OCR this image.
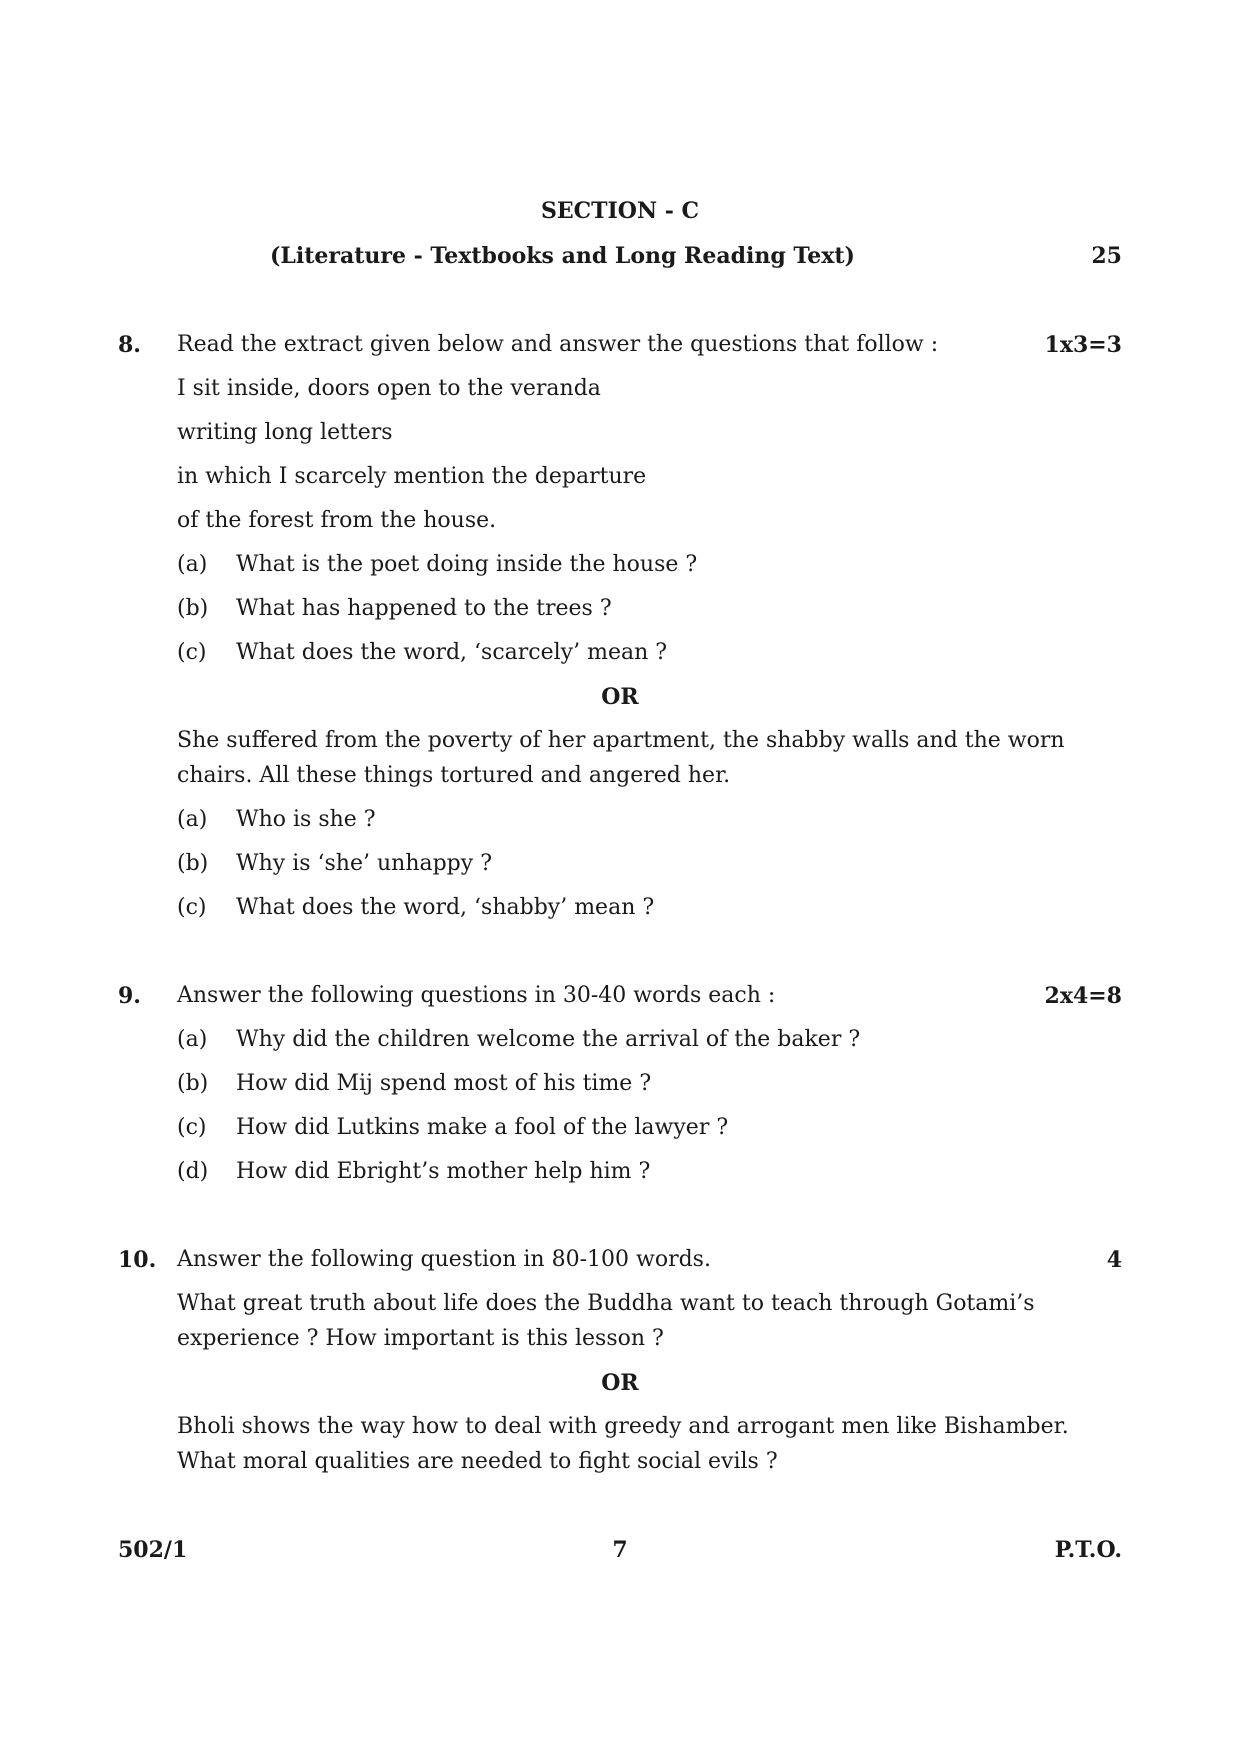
SECTION - C
(Literature - Textbooks and Long Reading Text)	25
8. Read the extract given below and answer the questions that follow :	1x3=3
I sit inside, doors open to the veranda
writing long letters
in which I scarcely mention the departure
of the forest from the house.
(a) What is the poet doing inside the house ?
(b) What has happened to the trees ?
(c) What does the word, ‘scarcely’ mean ?
OR
She suffered from the poverty of her apartment, the shabby walls and the worn
chairs. All these things tortured and angered her.
(a) Who is she ?
(b) Why is ‘she’ unhappy ?
(c) What does the word, ‘shabby’ mean ?
9. Answer the following questions in 30-40 words each :	2x4=8
(a) Why did the children welcome the arrival of the baker ?
(b) How did Mij spend most of his time ?
(c) How did Lutkins make a fool of the lawyer ?
(d) How did Ebright’s mother help him ?
10. Answer the following question in 80-100 words.	4
What great truth about life does the Buddha want to teach through Gotami’s
experience ? How important is this lesson ?
OR
Bholi shows the way how to deal with greedy and arrogant men like Bishamber.
What moral qualities are needed to fight social evils ?
502/1	7	P.T.O.
